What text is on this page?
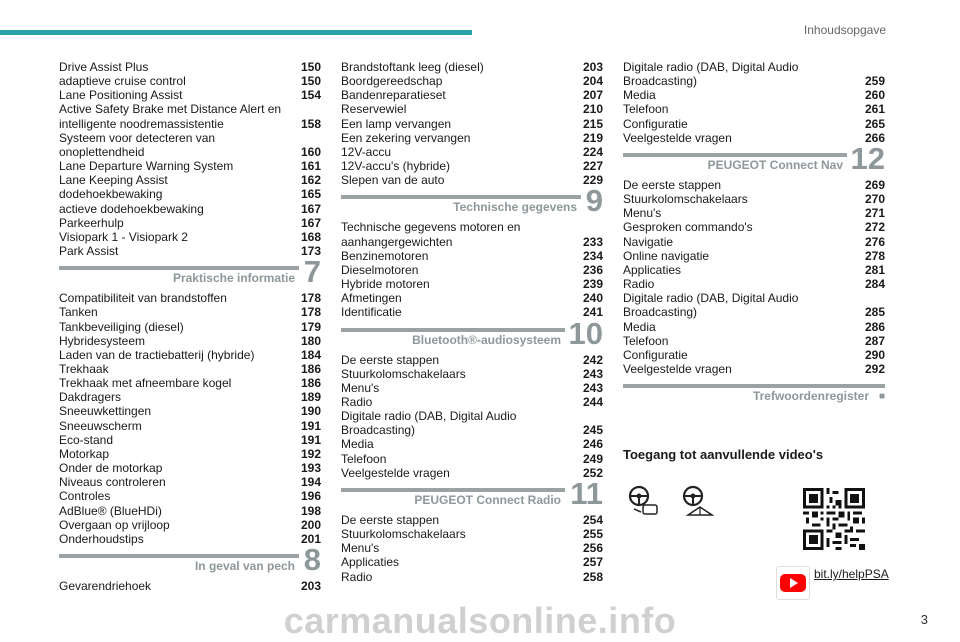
Inhoudsopgave
Drive Assist Plus	150
adaptieve cruise control	150
Lane Positioning Assist	154
Active Safety Brake met Distance Alert en
intelligente noodremassistentie	158
Systeem voor detecteren van
onoplettendheid	160
Lane Departure Warning System	161
Lane Keeping Assist	162
dodehoekbewaking	165
actieve dodehoekbewaking	167
Parkeerhulp	167
Visiopark 1 - Visiopark 2	168
Park Assist	173
Praktische informatie 7
Compatibiliteit van brandstoffen	178
Tanken	178
Tankbeveiliging (diesel)	179
Hybridesysteem	180
Laden van de tractiebatterij (hybride)	184
Trekhaak	186
Trekhaak met afneembare kogel	186
Dakdragers	189
Sneeuwkettingen	190
Sneeuwscherm	191
Eco-stand	191
Motorkap	192
Onder de motorkap	193
Niveaus controleren	194
Controles	196
AdBlue® (BlueHDi)	198
Overgaan op vrijloop	200
Onderhoudstips	201
In geval van pech 8
Gevarendriehoek	203
Brandstoftank leeg (diesel)	203
Boordgereedschap	204
Bandenreparatieset	207
Reservewiel	210
Een lamp vervangen	215
Een zekering vervangen	219
12V-accu	224
12V-accu's (hybride)	227
Slepen van de auto	229
Technische gegevens 9
Technische gegevens motoren en
aanhangergewichten	233
Benzinemotoren	234
Dieselmotoren	236
Hybride motoren	239
Afmetingen	240
Identificatie	241
Bluetooth®-audiosysteem 10
De eerste stappen	242
Stuurkolomschakelaars	243
Menu's	243
Radio	244
Digitale radio (DAB, Digital Audio
Broadcasting)	245
Media	246
Telefoon	249
Veelgestelde vragen	252
PEUGEOT Connect Radio 11
De eerste stappen	254
Stuurkolomschakelaars	255
Menu's	256
Applicaties	257
Radio	258
Digitale radio (DAB, Digital Audio
Broadcasting)	259
Media	260
Telefoon	261
Configuratie	265
Veelgestelde vragen	266
PEUGEOT Connect Nav 12
De eerste stappen	269
Stuurkolomschakelaars	270
Menu's	271
Gesproken commando's	272
Navigatie	276
Online navigatie	278
Applicaties	281
Radio	284
Digitale radio (DAB, Digital Audio
Broadcasting)	285
Media	286
Telefoon	287
Configuratie	290
Veelgestelde vragen	292
Trefwoordenregister ■
Toegang tot aanvullende video's
bit.ly/helpPSA
carmanualsonline.info	3
